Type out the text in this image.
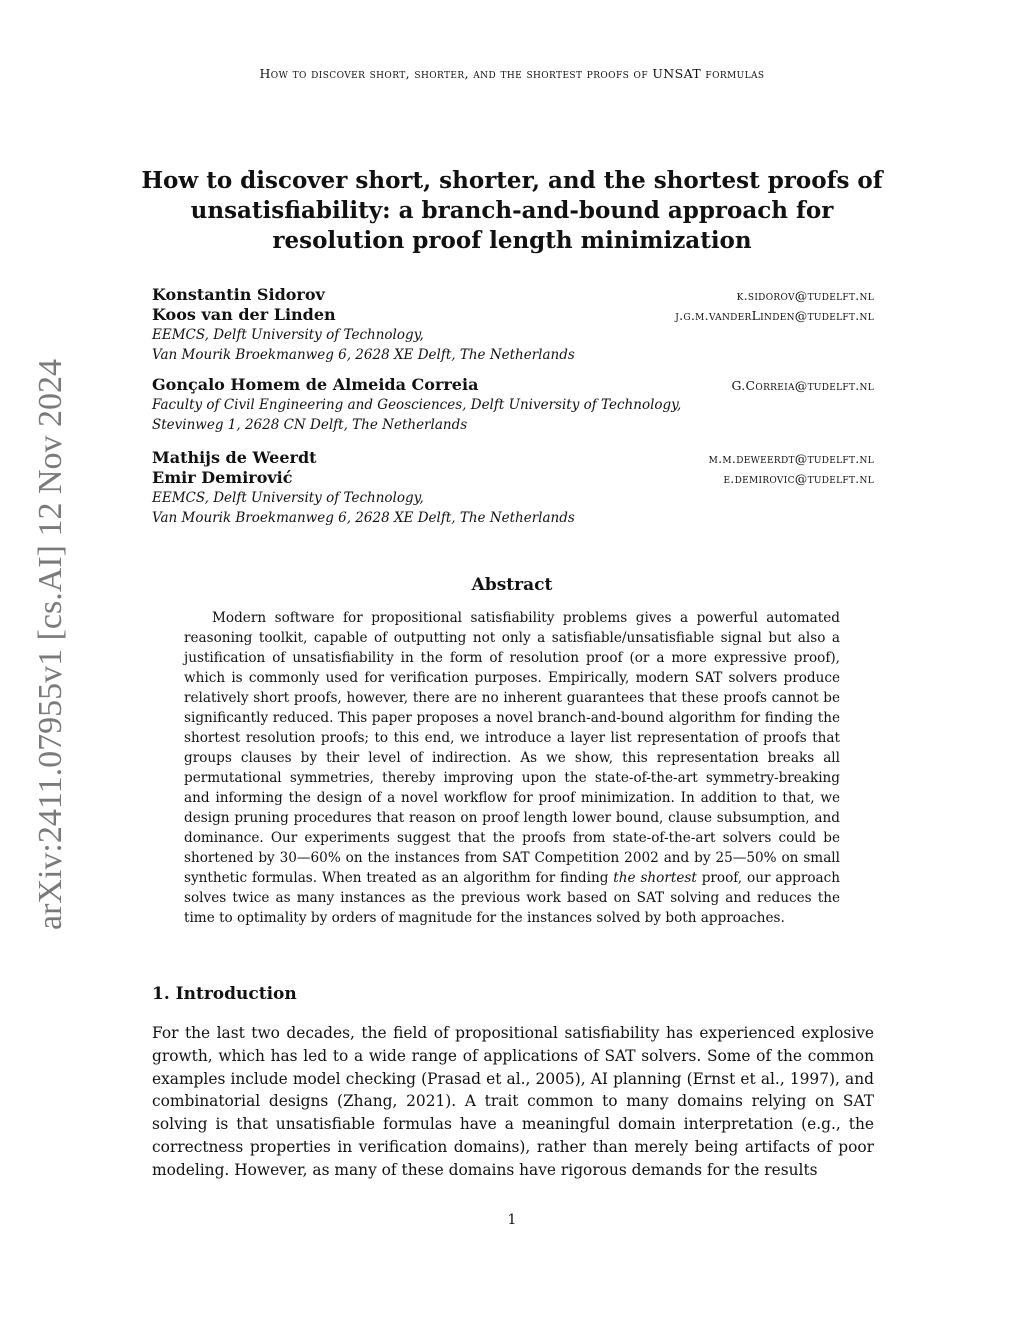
How to discover short, shorter, and the shortest proofs of UNSAT formulas
arXiv:2411.07955v1 [cs.AI] 12 Nov 2024
How to discover short, shorter, and the shortest proofs of unsatisfiability: a branch-and-bound approach for resolution proof length minimization
Konstantin Sidorov	k.sidorov@tudelft.nl
Koos van der Linden	j.g.m.vanderLinden@tudelft.nl
EEMCS, Delft University of Technology,
Van Mourik Broekmanweg 6, 2628 XE Delft, The Netherlands
Gonçalo Homem de Almeida Correia	G.Correia@tudelft.nl
Faculty of Civil Engineering and Geosciences, Delft University of Technology,
Stevinweg 1, 2628 CN Delft, The Netherlands
Mathijs de Weerdt	m.m.deweerdt@tudelft.nl
Emir Demirović	e.demirovic@tudelft.nl
EEMCS, Delft University of Technology,
Van Mourik Broekmanweg 6, 2628 XE Delft, The Netherlands
Abstract

Modern software for propositional satisfiability problems gives a powerful automated reasoning toolkit, capable of outputting not only a satisfiable/unsatisfiable signal but also a justification of unsatisfiability in the form of resolution proof (or a more expressive proof), which is commonly used for verification purposes. Empirically, modern SAT solvers produce relatively short proofs, however, there are no inherent guarantees that these proofs cannot be significantly reduced. This paper proposes a novel branch-and-bound algorithm for finding the shortest resolution proofs; to this end, we introduce a layer list representation of proofs that groups clauses by their level of indirection. As we show, this representation breaks all permutational symmetries, thereby improving upon the state-of-the-art symmetry-breaking and informing the design of a novel workflow for proof minimization. In addition to that, we design pruning procedures that reason on proof length lower bound, clause subsumption, and dominance. Our experiments suggest that the proofs from state-of-the-art solvers could be shortened by 30—60% on the instances from SAT Competition 2002 and by 25—50% on small synthetic formulas. When treated as an algorithm for finding the shortest proof, our approach solves twice as many instances as the previous work based on SAT solving and reduces the time to optimality by orders of magnitude for the instances solved by both approaches.

1. Introduction

For the last two decades, the field of propositional satisfiability has experienced explosive growth, which has led to a wide range of applications of SAT solvers. Some of the common examples include model checking (Prasad et al., 2005), AI planning (Ernst et al., 1997), and combinatorial designs (Zhang, 2021). A trait common to many domains relying on SAT solving is that unsatisfiable formulas have a meaningful domain interpretation (e.g., the correctness properties in verification domains), rather than merely being artifacts of poor modeling. However, as many of these domains have rigorous demands for the results

1
